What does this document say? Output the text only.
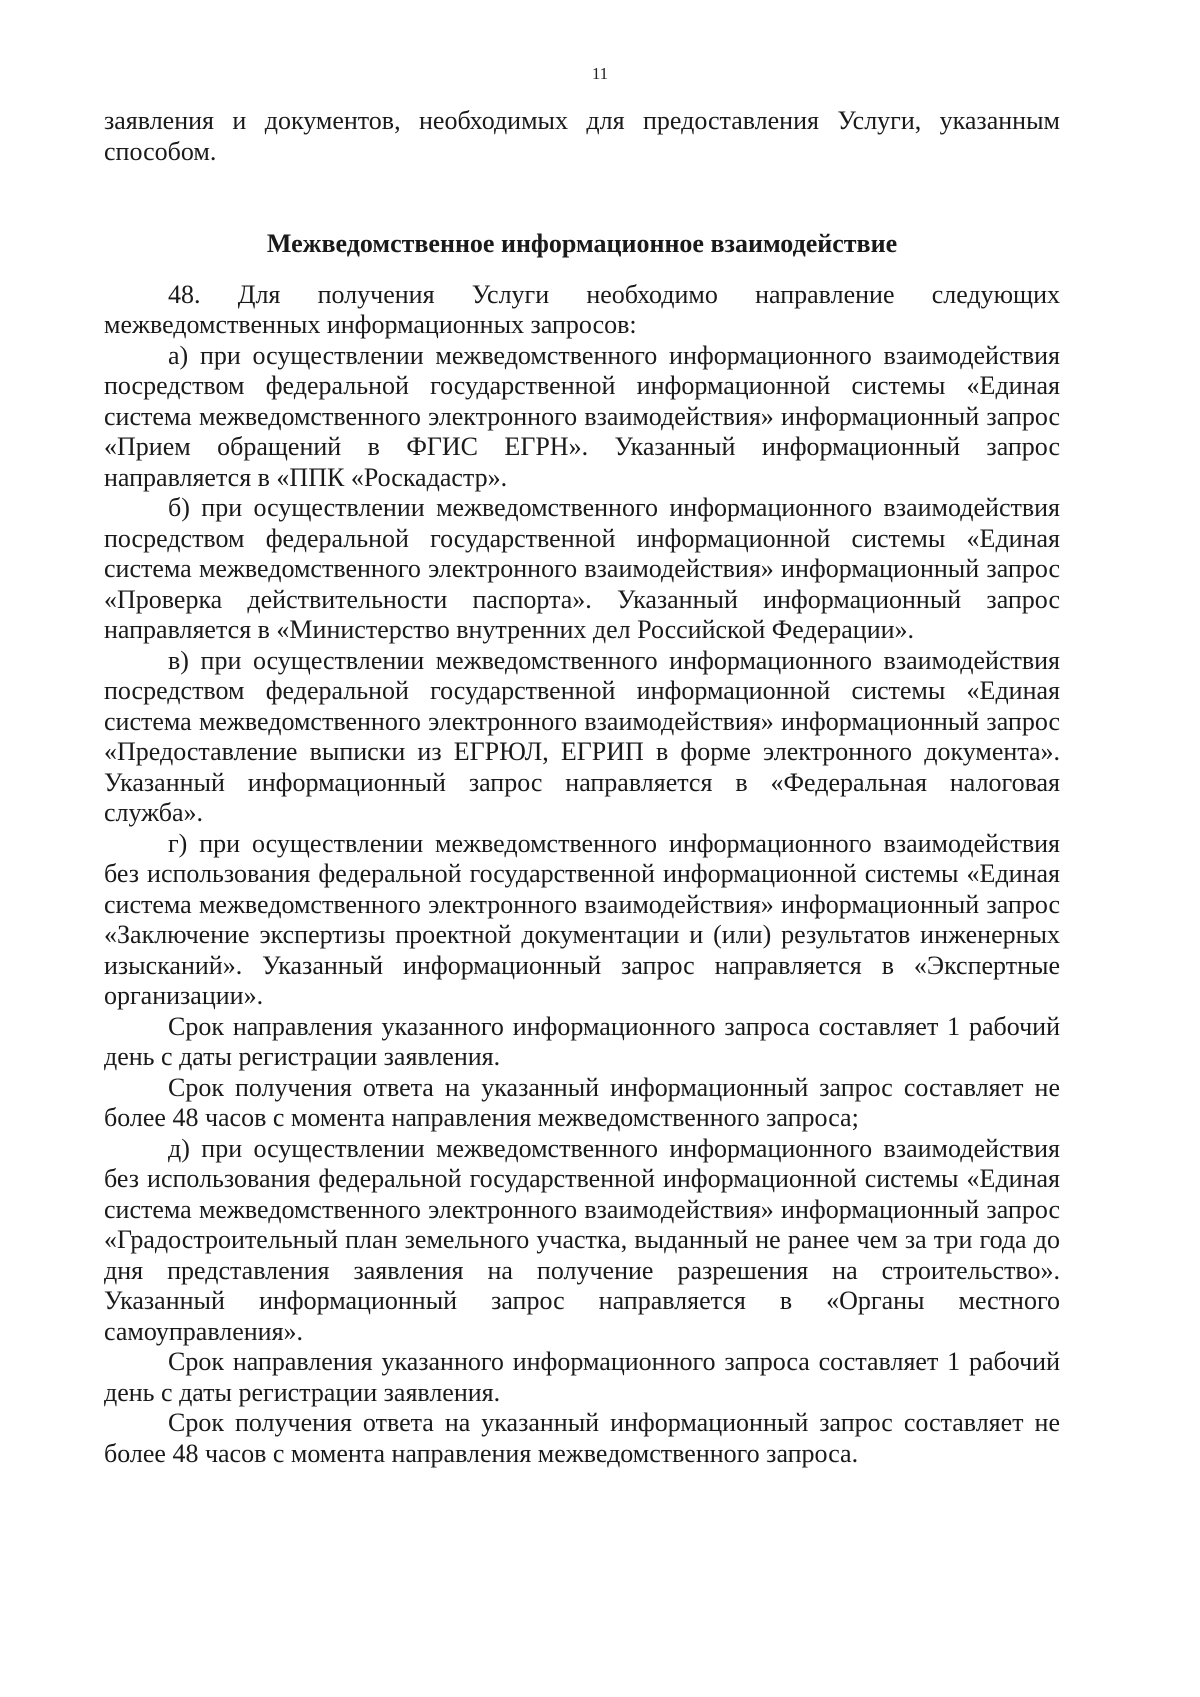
11

заявления и документов, необходимых для предоставления Услуги, указанным способом.

Межведомственное информационное взаимодействие

48. Для получения Услуги необходимо направление следующих межведомственных информационных запросов:

а) при осуществлении межведомственного информационного взаимодействия посредством федеральной государственной информационной системы «Единая система межведомственного электронного взаимодействия» информационный запрос «Прием обращений в ФГИС ЕГРН». Указанный информационный запрос направляется в «ППК «Роскадастр».

б) при осуществлении межведомственного информационного взаимодействия посредством федеральной государственной информационной системы «Единая система межведомственного электронного взаимодействия» информационный запрос «Проверка действительности паспорта». Указанный информационный запрос направляется в «Министерство внутренних дел Российской Федерации».

в) при осуществлении межведомственного информационного взаимодействия посредством федеральной государственной информационной системы «Единая система межведомственного электронного взаимодействия» информационный запрос «Предоставление выписки из ЕГРЮЛ, ЕГРИП в форме электронного документа». Указанный информационный запрос направляется в «Федеральная налоговая служба».

г) при осуществлении межведомственного информационного взаимодействия без использования федеральной государственной информационной системы «Единая система межведомственного электронного взаимодействия» информационный запрос «Заключение экспертизы проектной документации и (или) результатов инженерных изысканий». Указанный информационный запрос направляется в «Экспертные организации».

Срок направления указанного информационного запроса составляет 1 рабочий день с даты регистрации заявления.

Срок получения ответа на указанный информационный запрос составляет не более 48 часов с момента направления межведомственного запроса;

д) при осуществлении межведомственного информационного взаимодействия без использования федеральной государственной информационной системы «Единая система межведомственного электронного взаимодействия» информационный запрос «Градостроительный план земельного участка, выданный не ранее чем за три года до дня представления заявления на получение разрешения на строительство». Указанный информационный запрос направляется в «Органы местного самоуправления».

Срок направления указанного информационного запроса составляет 1 рабочий день с даты регистрации заявления.

Срок получения ответа на указанный информационный запрос составляет не более 48 часов с момента направления межведомственного запроса.
